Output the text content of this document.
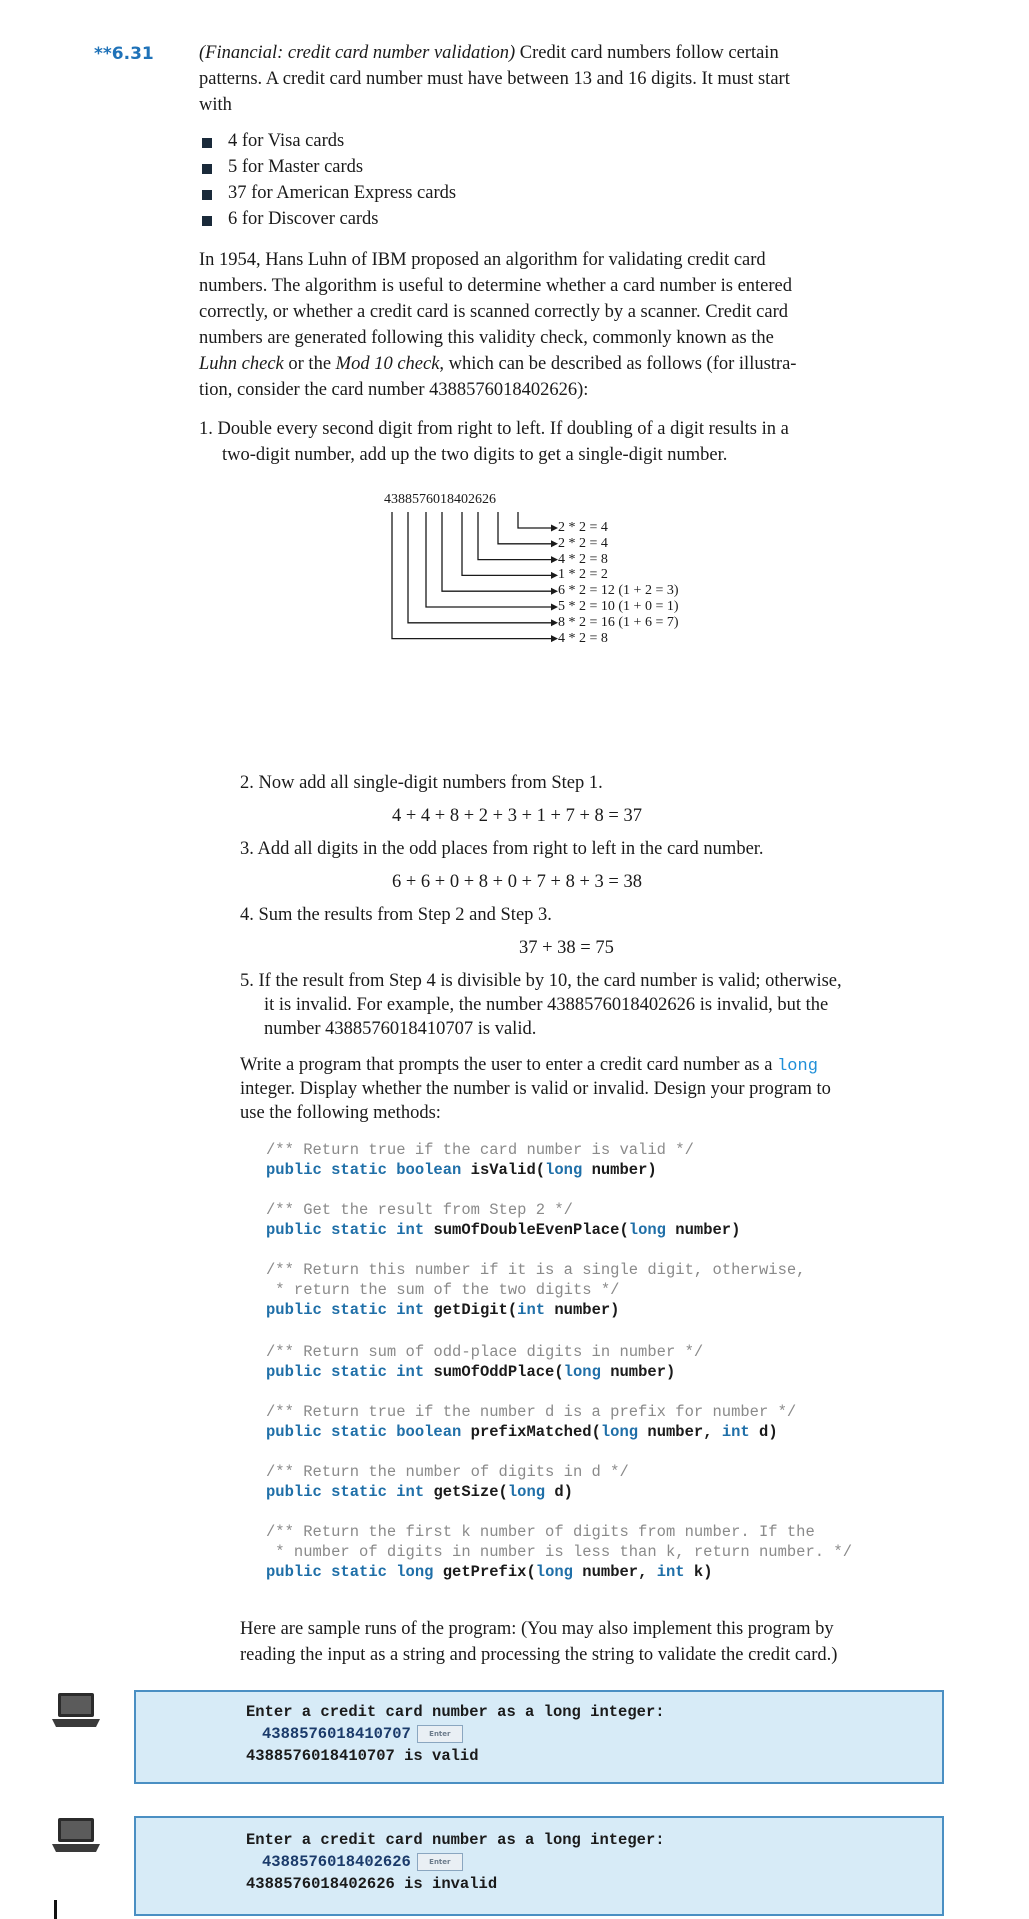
**6.31 (Financial: credit card number validation) Credit card numbers follow certain
patterns. A credit card number must have between 13 and 16 digits. It must start
with
4 for Visa cards
5 for Master cards
37 for American Express cards
6 for Discover cards
In 1954, Hans Luhn of IBM proposed an algorithm for validating credit card
numbers. The algorithm is useful to determine whether a card number is entered
correctly, or whether a credit card is scanned correctly by a scanner. Credit card
numbers are generated following this validity check, commonly known as the
Luhn check or the Mod 10 check, which can be described as follows (for illustra-
tion, consider the card number 4388576018402626):
1. Double every second digit from right to left. If doubling of a digit results in a
two-digit number, add up the two digits to get a single-digit number.
4388576018402626
2 * 2 = 4
2 * 2 = 4
4 * 2 = 8
1 * 2 = 2
6 * 2 = 12 (1 + 2 = 3)
5 * 2 = 10 (1 + 0 = 1)
8 * 2 = 16 (1 + 6 = 7)
4 * 2 = 8
2. Now add all single-digit numbers from Step 1.
4 + 4 + 8 + 2 + 3 + 1 + 7 + 8 = 37
3. Add all digits in the odd places from right to left in the card number.
6 + 6 + 0 + 8 + 0 + 7 + 8 + 3 = 38
4. Sum the results from Step 2 and Step 3.
37 + 38 = 75
5. If the result from Step 4 is divisible by 10, the card number is valid; otherwise,
it is invalid. For example, the number 4388576018402626 is invalid, but the
number 4388576018410707 is valid.
Write a program that prompts the user to enter a credit card number as a long
integer. Display whether the number is valid or invalid. Design your program to
use the following methods:
/** Return true if the card number is valid */
public static boolean isValid(long number)
/** Get the result from Step 2 */
public static int sumOfDoubleEvenPlace(long number)
/** Return this number if it is a single digit, otherwise,
* return the sum of the two digits */
public static int getDigit(int number)
/** Return sum of odd-place digits in number */
public static int sumOfOddPlace(long number)
/** Return true if the number d is a prefix for number */
public static boolean prefixMatched(long number, int d)
/** Return the number of digits in d */
public static int getSize(long d)
/** Return the first k number of digits from number. If the
* number of digits in number is less than k, return number. */
public static long getPrefix(long number, int k)
Here are sample runs of the program: (You may also implement this program by
reading the input as a string and processing the string to validate the credit card.)
Enter a credit card number as a long integer:
4388576018410707	Enter
4388576018410707 is valid
Enter a credit card number as a long integer:
4388576018402626	Enter
4388576018402626 is invalid
